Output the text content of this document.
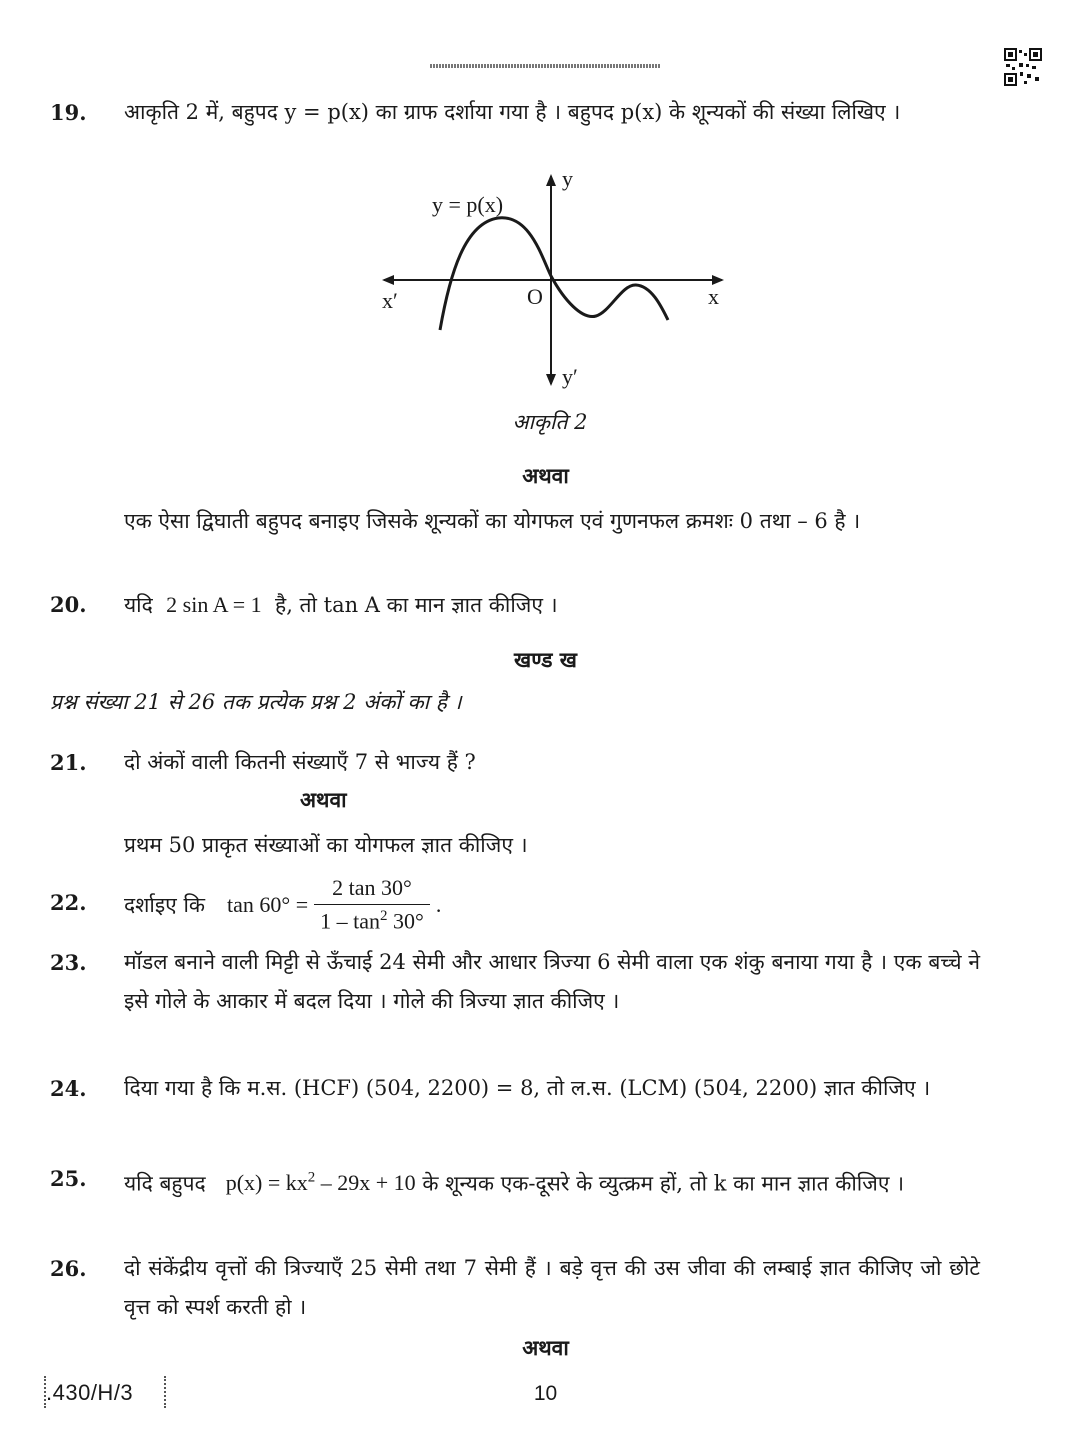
19. आकृति 2 में, बहुपद y = p(x) का ग्राफ दर्शाया गया है । बहुपद p(x) के शून्यकों की संख्या लिखिए ।
y = p(x)
y
y′
x
x′	O
आकृति 2
अथवा
एक ऐसा द्विघाती बहुपद बनाइए जिसके शून्यकों का योगफल एवं गुणनफल क्रमशः 0 तथा – 6 है ।
20. यदि 2 sin A = 1 है, तो tan A का मान ज्ञात कीजिए ।
खण्ड ख
प्रश्न संख्या 21 से 26 तक प्रत्येक प्रश्न 2 अंकों का है ।
21. दो अंकों वाली कितनी संख्याएँ 7 से भाज्य हैं ?
अथवा
प्रथम 50 प्राकृत संख्याओं का योगफल ज्ञात कीजिए ।
22. दर्शाइए कि $\tan 60^\circ = \frac{2 \tan 30^\circ}{1 - \tan^2 30^\circ}$ .
23. मॉडल बनाने वाली मिट्टी से ऊँचाई 24 सेमी और आधार त्रिज्या 6 सेमी वाला एक शंकु बनाया गया है । एक बच्चे ने इसे गोले के आकार में बदल दिया । गोले की त्रिज्या ज्ञात कीजिए ।
24. दिया गया है कि म.स. (HCF) (504, 2200) = 8, तो ल.स. (LCM) (504, 2200) ज्ञात कीजिए ।
25. यदि बहुपद $p(x) = kx^2 - 29x + 10$ के शून्यक एक-दूसरे के व्युत्क्रम हों, तो k का मान ज्ञात कीजिए ।
26. दो संकेंद्रीय वृत्तों की त्रिज्याएँ 25 सेमी तथा 7 सेमी हैं । बड़े वृत्त की उस जीवा की लम्बाई ज्ञात कीजिए जो छोटे वृत्त को स्पर्श करती हो ।
अथवा
.430/H/3	10
